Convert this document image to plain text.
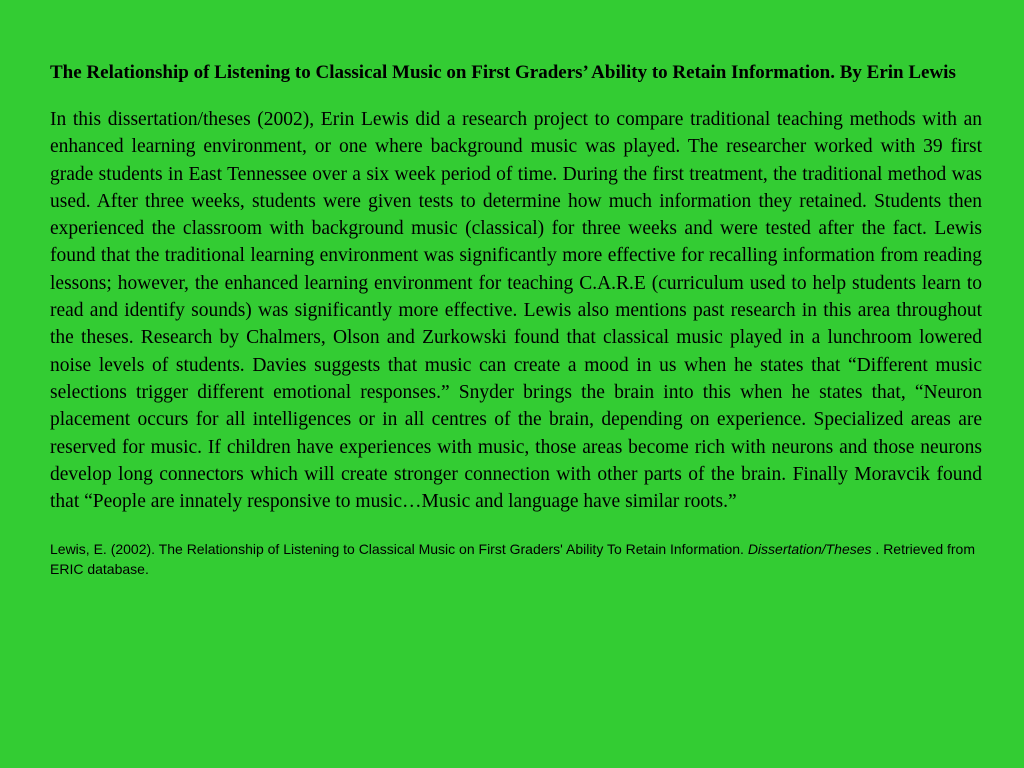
The Relationship of Listening to Classical Music on First Graders’ Ability to Retain Information. By Erin Lewis

In this dissertation/theses (2002), Erin Lewis did a research project to compare traditional teaching methods with an enhanced learning environment, or one where background music was played. The researcher worked with 39 first grade students in East Tennessee over a six week period of time. During the first treatment, the traditional method was used. After three weeks, students were given tests to determine how much information they retained. Students then experienced the classroom with background music (classical) for three weeks and were tested after the fact. Lewis found that the traditional learning environment was significantly more effective for recalling information from reading lessons; however, the enhanced learning environment for teaching C.A.R.E (curriculum used to help students learn to read and identify sounds) was significantly more effective. Lewis also mentions past research in this area throughout the theses. Research by Chalmers, Olson and Zurkowski found that classical music played in a lunchroom lowered noise levels of students. Davies suggests that music can create a mood in us when he states that “Different music selections trigger different emotional responses.” Snyder brings the brain into this when he states that, “Neuron placement occurs for all intelligences or in all centres of the brain, depending on experience. Specialized areas are reserved for music. If children have experiences with music, those areas become rich with neurons and those neurons develop long connectors which will create stronger connection with other parts of the brain. Finally Moravcik found that “People are innately responsive to music…Music and language have similar roots.”

Lewis, E. (2002). The Relationship of Listening to Classical Music on First Graders' Ability To Retain Information. Dissertation/Theses . Retrieved from ERIC database.
